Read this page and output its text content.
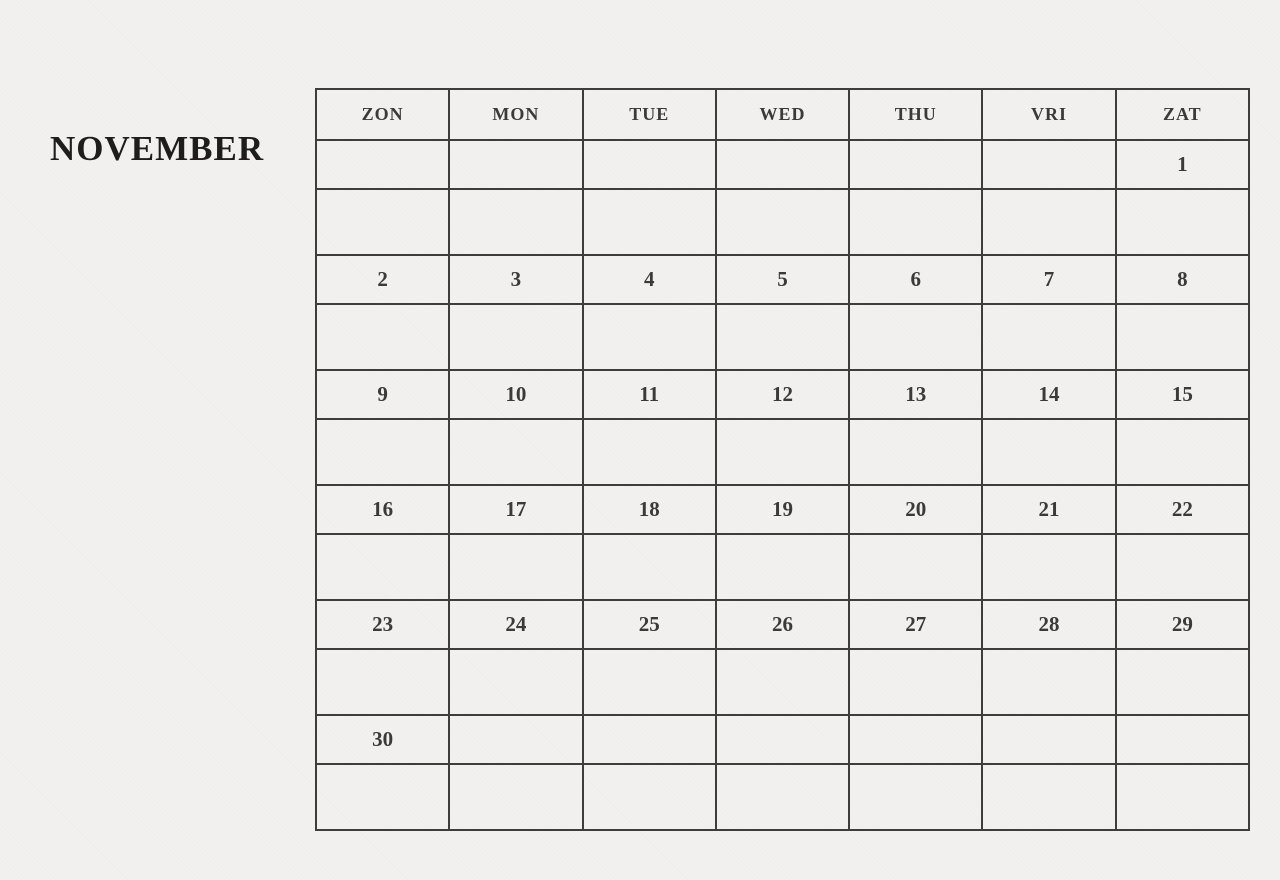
NOVEMBER
ZON	MON	TUE	WED	THU	VRI	ZAT
						1

2	3	4	5	6	7	8

9	10	11	12	13	14	15

16	17	18	19	20	21	22

23	24	25	26	27	28	29

30						
